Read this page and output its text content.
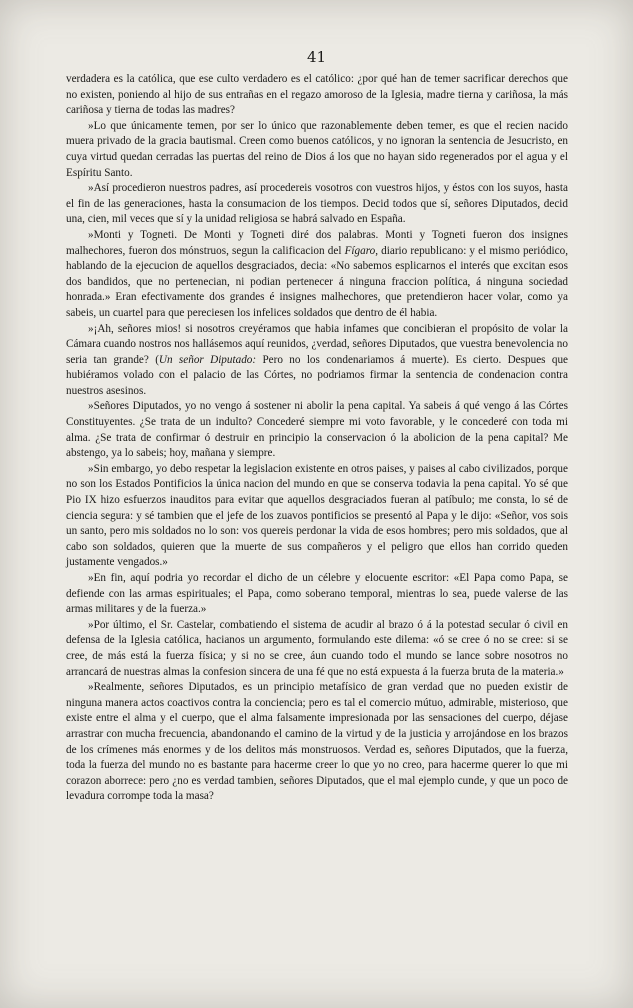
41

verdadera es la católica, que ese culto verdadero es el católico: ¿por qué han de temer sacrificar derechos que no existen, poniendo al hijo de sus entrañas en el regazo amoroso de la Iglesia, madre tierna y cariñosa, la más cariñosa y tierna de todas las madres?

»Lo que únicamente temen, por ser lo único que razonablemente deben temer, es que el recien nacido muera privado de la gracia bautismal. Creen como buenos católicos, y no ignoran la sentencia de Jesucristo, en cuya virtud quedan cerradas las puertas del reino de Dios á los que no hayan sido regenerados por el agua y el Espíritu Santo.

»Así procedieron nuestros padres, así procedereis vosotros con vuestros hijos, y éstos con los suyos, hasta el fin de las generaciones, hasta la consumacion de los tiempos. Decid todos que sí, señores Diputados, decid una, cien, mil veces que sí y la unidad religiosa se habrá salvado en España.

»Monti y Togneti. De Monti y Togneti diré dos palabras. Monti y Togneti fueron dos insignes malhechores, fueron dos mónstruos, segun la calificacion del Fígaro, diario republicano: y el mismo periódico, hablando de la ejecucion de aquellos desgraciados, decia: «No sabemos esplicarnos el interés que excitan esos dos bandidos, que no pertenecian, ni podian pertenecer á ninguna fraccion política, á ninguna sociedad honrada.» Eran efectivamente dos grandes é insignes malhechores, que pretendieron hacer volar, como ya sabeis, un cuartel para que pereciesen los infelices soldados que dentro de él habia.

»¡Ah, señores mios! si nosotros creyéramos que habia infames que concibieran el propósito de volar la Cámara cuando nostros nos hallásemos aquí reunidos, ¿verdad, señores Diputados, que vuestra benevolencia no seria tan grande? (Un señor Diputado: Pero no los condenariamos á muerte). Es cierto. Despues que hubiéramos volado con el palacio de las Córtes, no podriamos firmar la sentencia de condenacion contra nuestros asesinos.

»Señores Diputados, yo no vengo á sostener ni abolir la pena capital. Ya sabeis á qué vengo á las Córtes Constituyentes. ¿Se trata de un indulto? Concederé siempre mi voto favorable, y le concederé con toda mi alma. ¿Se trata de confirmar ó destruir en principio la conservacion ó la abolicion de la pena capital? Me abstengo, ya lo sabeis; hoy, mañana y siempre.

»Sin embargo, yo debo respetar la legislacion existente en otros paises, y paises al cabo civilizados, porque no son los Estados Pontificios la única nacion del mundo en que se conserva todavia la pena capital. Yo sé que Pio IX hizo esfuerzos inauditos para evitar que aquellos desgraciados fueran al patíbulo; me consta, lo sé de ciencia segura: y sé tambien que el jefe de los zuavos pontificios se presentó al Papa y le dijo: «Señor, vos sois un santo, pero mis soldados no lo son: vos quereis perdonar la vida de esos hombres; pero mis soldados, que al cabo son soldados, quieren que la muerte de sus compañeros y el peligro que ellos han corrido queden justamente vengados.»

»En fin, aquí podria yo recordar el dicho de un célebre y elocuente escritor: «El Papa como Papa, se defiende con las armas espirituales; el Papa, como soberano temporal, mientras lo sea, puede valerse de las armas militares y de la fuerza.»

»Por último, el Sr. Castelar, combatiendo el sistema de acudir al brazo ó á la potestad secular ó civil en defensa de la Iglesia católica, hacianos un argumento, formulando este dilema: «ó se cree ó no se cree: si se cree, de más está la fuerza física; y si no se cree, áun cuando todo el mundo se lance sobre nosotros no arrancará de nuestras almas la confesion sincera de una fé que no está expuesta á la fuerza bruta de la materia.»

»Realmente, señores Diputados, es un principio metafísico de gran verdad que no pueden existir de ninguna manera actos coactivos contra la conciencia; pero es tal el comercio mútuo, admirable, misterioso, que existe entre el alma y el cuerpo, que el alma falsamente impresionada por las sensaciones del cuerpo, déjase arrastrar con mucha frecuencia, abandonando el camino de la virtud y de la justicia y arrojándose en los brazos de los crímenes más enormes y de los delitos más monstruosos. Verdad es, señores Diputados, que la fuerza, toda la fuerza del mundo no es bastante para hacerme creer lo que yo no creo, para hacerme querer lo que mi corazon aborrece: pero ¿no es verdad tambien, señores Diputados, que el mal ejemplo cunde, y que un poco de levadura corrompe toda la masa?
